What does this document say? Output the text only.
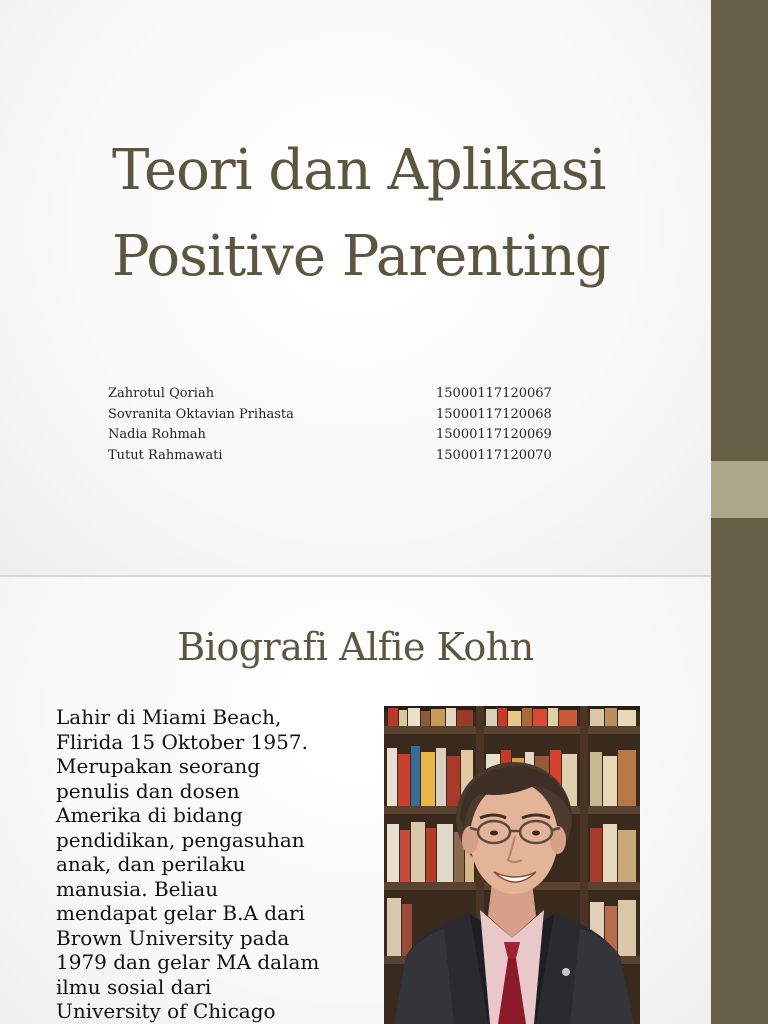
Teori dan Aplikasi
Positive Parenting
Zahrotul Qoriah	15000117120067
Sovranita Oktavian Prihasta	15000117120068
Nadia Rohmah	15000117120069
Tutut Rahmawati	15000117120070
Biografi Alfie Kohn

Lahir di Miami Beach,
Flirida 15 Oktober 1957.
Merupakan seorang
penulis dan dosen
Amerika di bidang
pendidikan, pengasuhan
anak, dan perilaku
manusia. Beliau
mendapat gelar B.A dari
Brown University pada
1979 dan gelar MA dalam
ilmu sosial dari
University of Chicago
